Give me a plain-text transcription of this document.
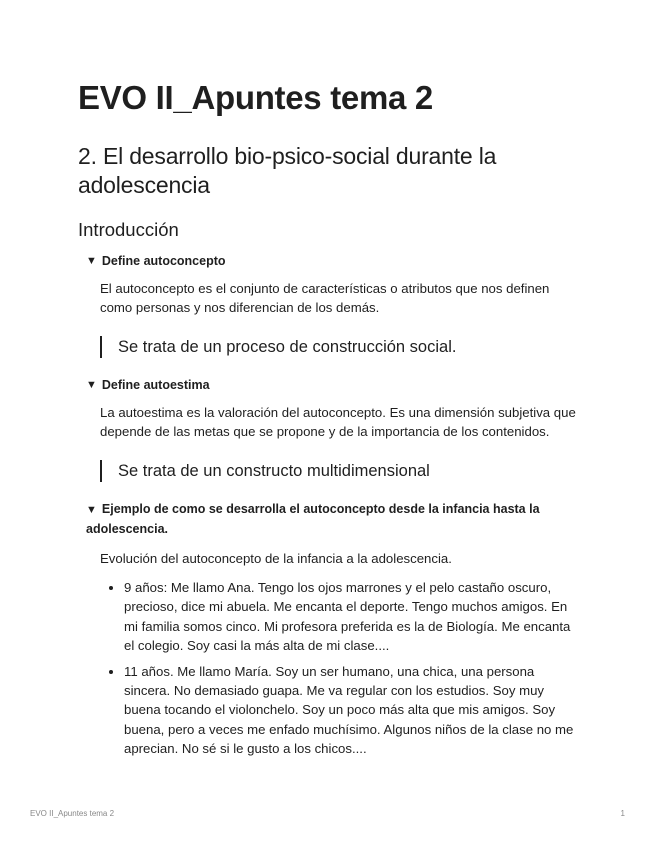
EVO II_Apuntes tema 2
2. El desarrollo bio-psico-social durante la adolescencia
Introducción
▼ Define autoconcepto

El autoconcepto es el conjunto de características o atributos que nos definen como personas y nos diferencian de los demás.

Se trata de un proceso de construcción social.
▼ Define autoestima

La autoestima es la valoración del autoconcepto. Es una dimensión subjetiva que depende de las metas que se propone y de la importancia de los contenidos.

Se trata de un constructo multidimensional
▼ Ejemplo de como se desarrolla el autoconcepto desde la infancia hasta la adolescencia.

Evolución del autoconcepto de la infancia a la adolescencia.

• 9 años: Me llamo Ana. Tengo los ojos marrones y el pelo castaño oscuro, precioso, dice mi abuela. Me encanta el deporte. Tengo muchos amigos. En mi familia somos cinco. Mi profesora preferida es la de Biología. Me encanta el colegio. Soy casi la más alta de mi clase....
• 11 años. Me llamo María. Soy un ser humano, una chica, una persona sincera. No demasiado guapa. Me va regular con los estudios. Soy muy buena tocando el violonchelo. Soy un poco más alta que mis amigos. Soy buena, pero a veces me enfado muchísimo. Algunos niños de la clase no me aprecian. No sé si le gusto a los chicos....
EVO II_Apuntes tema 2	1
